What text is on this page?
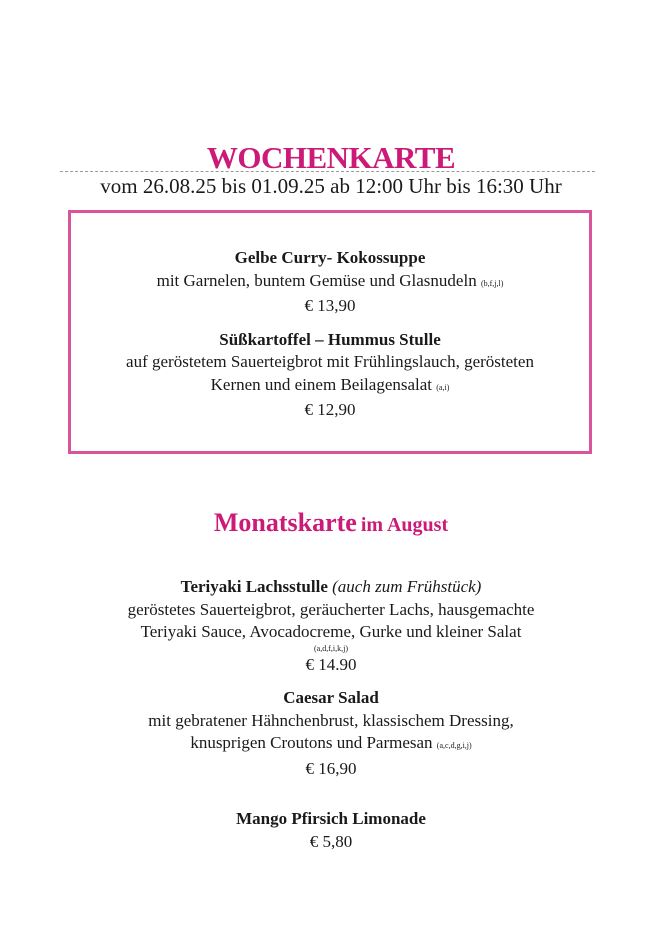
WOCHENKARTE
vom 26.08.25 bis 01.09.25 ab 12:00 Uhr bis 16:30 Uhr
Gelbe Curry- Kokossuppe
mit Garnelen, buntem Gemüse und Glasnudeln (b,f,j,l)
€ 13,90
Süßkartoffel – Hummus Stulle
auf geröstetem Sauerteigbrot mit Frühlingslauch, gerösteten
Kernen und einem Beilagensalat (a,i)
€ 12,90
Monatskarte im August
Teriyaki Lachsstulle (auch zum Frühstück)
geröstetes Sauerteigbrot, geräucherter Lachs, hausgemachte
Teriyaki Sauce, Avocadocreme, Gurke und kleiner Salat
(a,d,f,i,k,j)
€ 14.90
Caesar Salad
mit gebratener Hähnchenbrust, klassischem Dressing,
knusprigen Croutons und Parmesan (a,c,d,g,i,j)
€ 16,90
Mango Pfirsich Limonade
€ 5,80
